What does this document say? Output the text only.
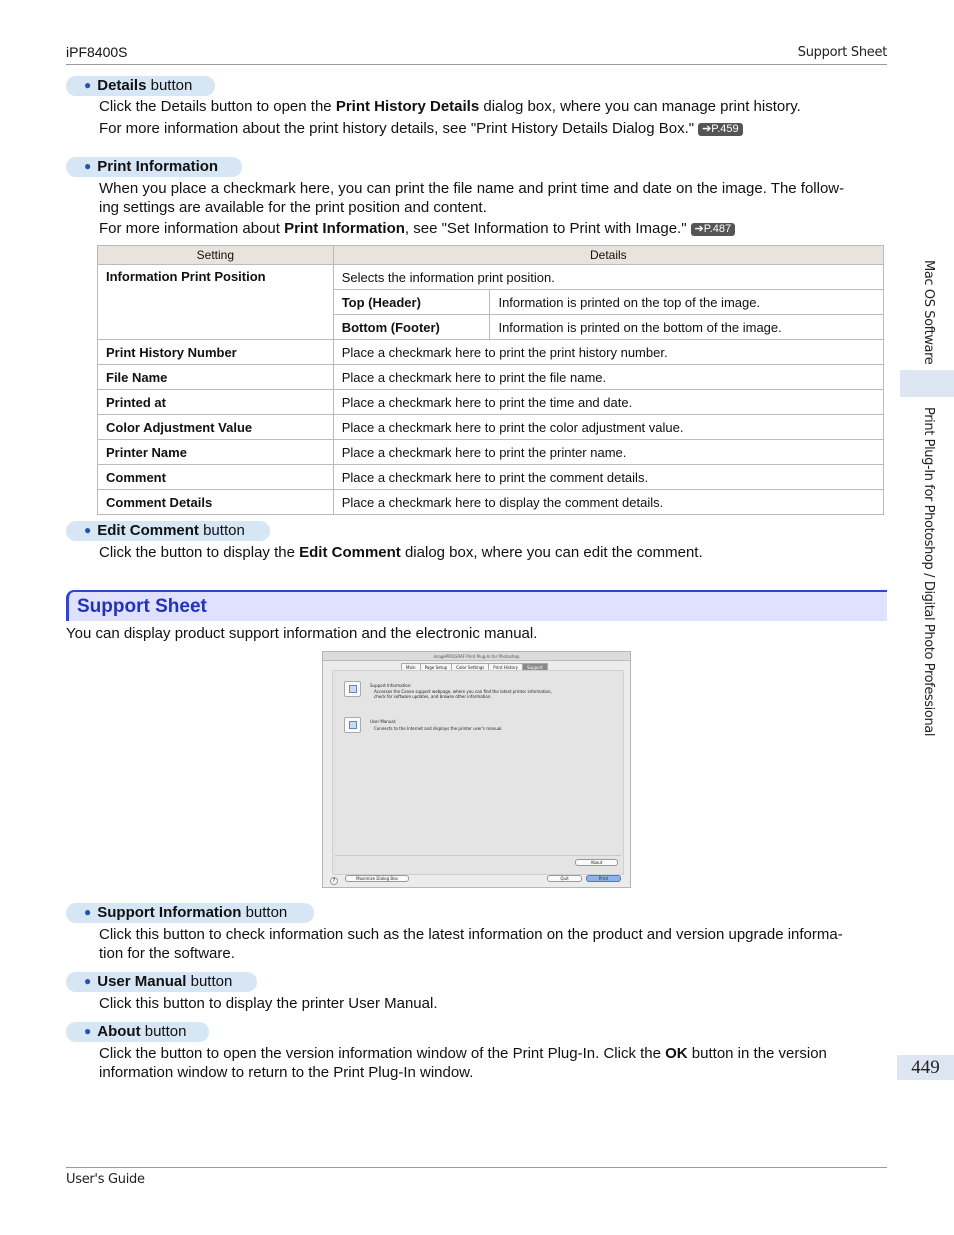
iPF8400S	Support Sheet
User's Guide
Mac OS Software
Print Plug-In for Photoshop / Digital Photo Professional
449
● Details button
Click the Details button to open the Print History Details dialog box, where you can manage print history.
For more information about the print history details, see "Print History Details Dialog Box." ➔P.459
● Print Information
When you place a checkmark here, you can print the file name and print time and date on the image. The follow-
ing settings are available for the print position and content.
For more information about Print Information, see "Set Information to Print with Image." ➔P.487
Setting	Details	
Information Print Position	Selects the information print position.	
	Top (Header)	Information is printed on the top of the image.
	Bottom (Footer)	Information is printed on the bottom of the image.
Print History Number	Place a checkmark here to print the print history number.	
File Name	Place a checkmark here to print the file name.	
Printed at	Place a checkmark here to print the time and date.	
Color Adjustment Value	Place a checkmark here to print the color adjustment value.	
Printer Name	Place a checkmark here to print the printer name.	
Comment	Place a checkmark here to print the comment details.	
Comment Details	Place a checkmark here to display the comment details.	
● Edit Comment button
Click the button to display the Edit Comment dialog box, where you can edit the comment.
Support Sheet
You can display product support information and the electronic manual.
imagePROGRAF Print Plug-In for Photoshop
Main	Page Setup	Color Settings	Print History	Support
Support Information:
Accesses the Canon support webpage, where you can find the latest printer information,
check for software updates, and browse other information.
User Manual:
Connects to the Internet and displays the printer user's manual.
About
?	Maximize Dialog Box	Quit	Print
● Support Information button
Click this button to check information such as the latest information on the product and version upgrade informa-
tion for the software.
● User Manual button
Click this button to display the printer User Manual.
● About button
Click the button to open the version information window of the Print Plug-In. Click the OK button in the version
information window to return to the Print Plug-In window.
